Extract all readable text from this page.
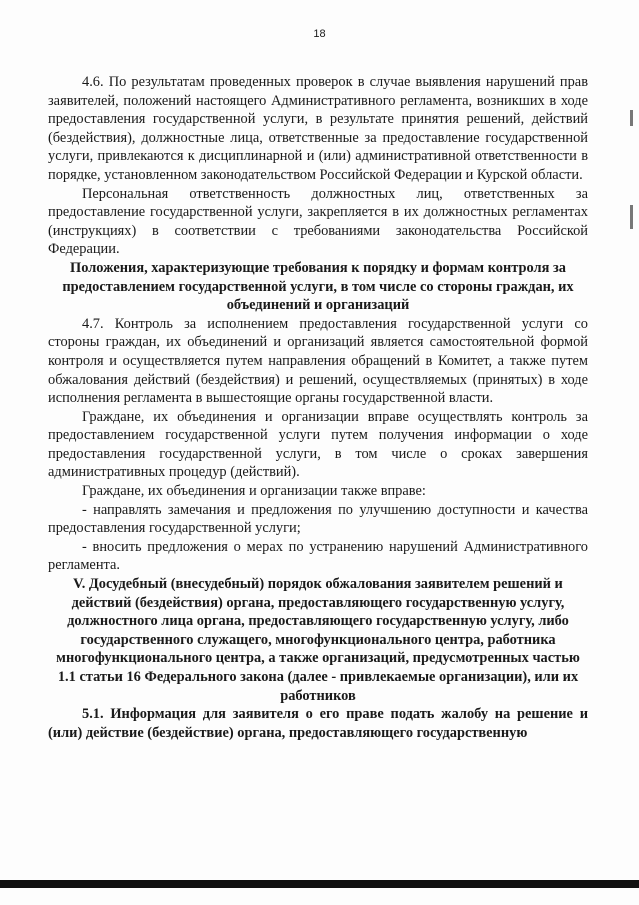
18

4.6. По результатам проведенных проверок в случае выявления нарушений прав заявителей, положений настоящего Административного регламента, возникших в ходе предоставления государственной услуги, в результате принятия решений, действий (бездействия), должностные лица, ответственные за предоставление государственной услуги, привлекаются к дисциплинарной и (или) административной ответственности в порядке, установленном законодательством Российской Федерации и Курской области.

Персональная ответственность должностных лиц, ответственных за предоставление государственной услуги, закрепляется в их должностных регламентах (инструкциях) в соответствии с требованиями законодательства Российской Федерации.

Положения, характеризующие требования к порядку и формам контроля за предоставлением государственной услуги, в том числе со стороны граждан, их объединений и организаций

4.7. Контроль за исполнением предоставления государственной услуги со стороны граждан, их объединений и организаций является самостоятельной формой контроля и осуществляется путем направления обращений в Комитет, а также путем обжалования действий (бездействия) и решений, осуществляемых (принятых) в ходе исполнения регламента в вышестоящие органы государственной власти.

Граждане, их объединения и организации вправе осуществлять контроль за предоставлением государственной услуги путем получения информации о ходе предоставления государственной услуги, в том числе о сроках завершения административных процедур (действий).

Граждане, их объединения и организации также вправе:

- направлять замечания и предложения по улучшению доступности и качества предоставления государственной услуги;

- вносить предложения о мерах по устранению нарушений Административного регламента.

V. Досудебный (внесудебный) порядок обжалования заявителем решений и действий (бездействия) органа, предоставляющего государственную услугу, должностного лица органа, предоставляющего государственную услугу, либо государственного служащего, многофункционального центра, работника многофункционального центра, а также организаций, предусмотренных частью 1.1 статьи 16 Федерального закона (далее - привлекаемые организации), или их работников

5.1. Информация для заявителя о его праве подать жалобу на решение и (или) действие (бездействие) органа, предоставляющего государственную
